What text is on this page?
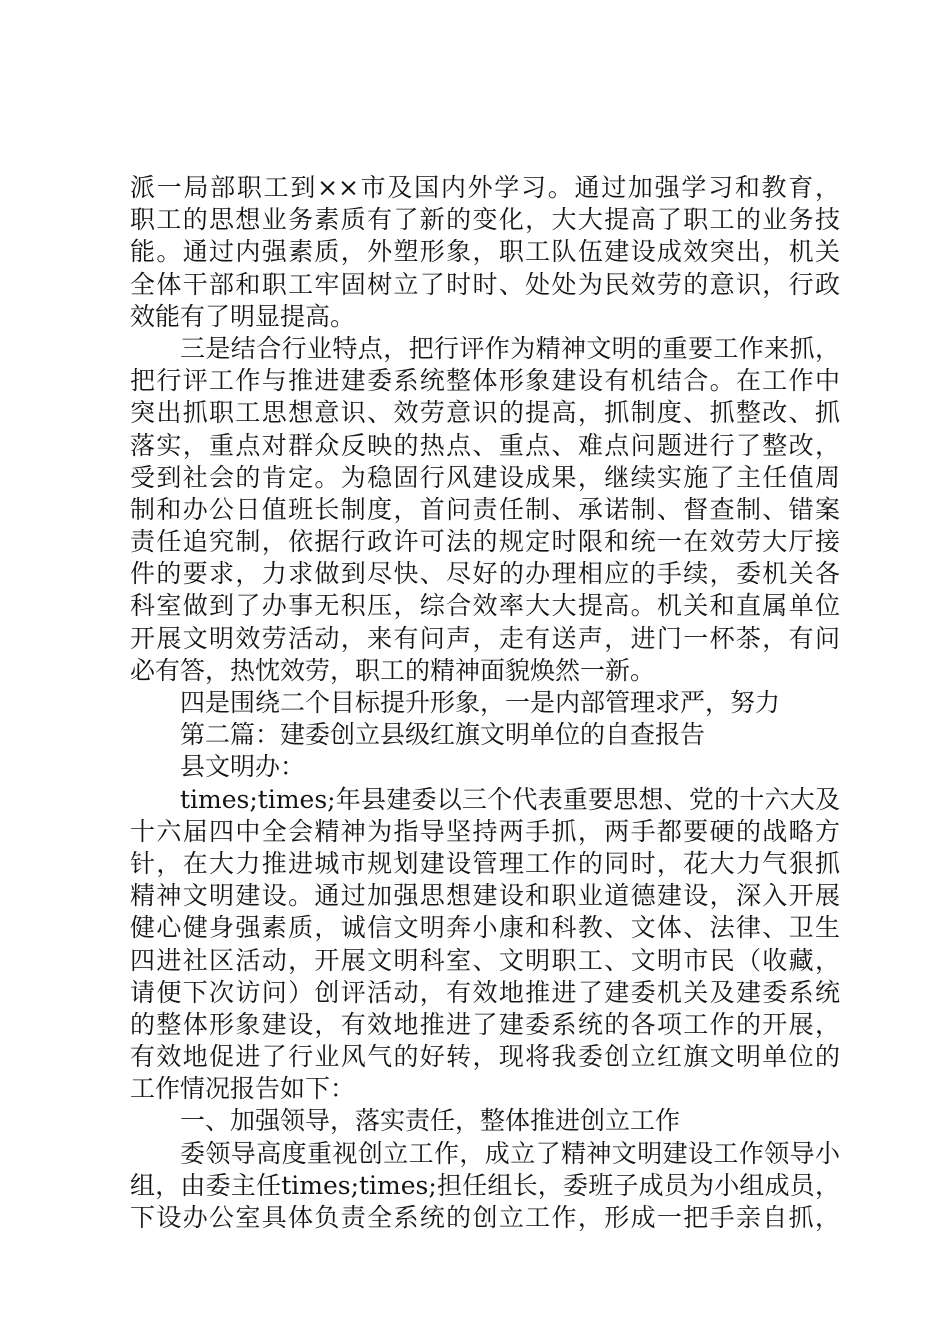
派一局部职工到××市及国内外学习。通过加强学习和教育，
职工的思想业务素质有了新的变化，大大提高了职工的业务技
能。通过内强素质，外塑形象，职工队伍建设成效突出，机关
全体干部和职工牢固树立了时时、处处为民效劳的意识，行政
效能有了明显提高。
三是结合行业特点，把行评作为精神文明的重要工作来抓，
把行评工作与推进建委系统整体形象建设有机结合。在工作中
突出抓职工思想意识、效劳意识的提高，抓制度、抓整改、抓
落实，重点对群众反映的热点、重点、难点问题进行了整改，
受到社会的肯定。为稳固行风建设成果，继续实施了主任值周
制和办公日值班长制度，首问责任制、承诺制、督查制、错案
责任追究制，依据行政许可法的规定时限和统一在效劳大厅接
件的要求，力求做到尽快、尽好的办理相应的手续，委机关各
科室做到了办事无积压，综合效率大大提高。机关和直属单位
开展文明效劳活动，来有问声，走有送声，进门一杯茶，有问
必有答，热忱效劳，职工的精神面貌焕然一新。
四是围绕二个目标提升形象，一是内部管理求严，努力
第二篇：建委创立县级红旗文明单位的自查报告
县文明办：
times;times;年县建委以三个代表重要思想、党的十六大及
十六届四中全会精神为指导坚持两手抓，两手都要硬的战略方
针，在大力推进城市规划建设管理工作的同时，花大力气狠抓
精神文明建设。通过加强思想建设和职业道德建设，深入开展
健心健身强素质，诚信文明奔小康和科教、文体、法律、卫生
四进社区活动，开展文明科室、文明职工、文明市民（收藏，
请便下次访问）创评活动，有效地推进了建委机关及建委系统
的整体形象建设，有效地推进了建委系统的各项工作的开展，
有效地促进了行业风气的好转，现将我委创立红旗文明单位的
工作情况报告如下：
一、加强领导，落实责任，整体推进创立工作
委领导高度重视创立工作，成立了精神文明建设工作领导小
组，由委主任times;times;担任组长，委班子成员为小组成员，
下设办公室具体负责全系统的创立工作，形成一把手亲自抓，
